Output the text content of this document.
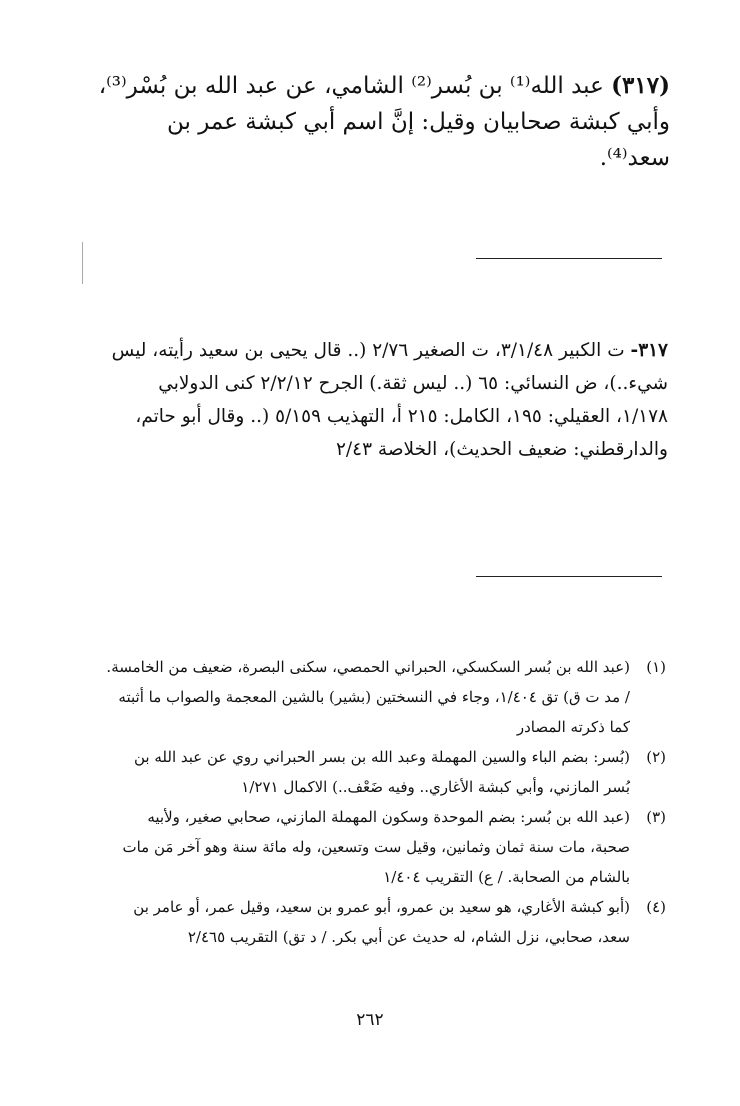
(٣١٧) عبد الله⁽¹⁾ بن بُسر⁽²⁾ الشامي، عن عبد الله بن بُسْر⁽³⁾، وأبي كبشة صحابيان وقيل: إنَّ اسم أبي كبشة عمر بن سعد⁽⁴⁾.
٣١٧- ت الكبير ٣/١/٤٨، ت الصغير ٢/٧٦ (.. قال يحيى بن سعيد رأيته، ليس شيء..)، ض النسائي: ٦٥ (.. ليس ثقة.) الجرح ٢/٢/١٢ كنى الدولابي ١/١٧٨، العقيلي: ١٩٥، الكامل: ٢١٥ أ، التهذيب ٥/١٥٩ (.. وقال أبو حاتم، والدارقطني: ضعيف الحديث)، الخلاصة ٢/٤٣
(١)
(عبد الله بن بُسر السكسكي، الحبراني الحمصي، سكنى البصرة، ضعيف من الخامسة. / مد ت ق) تق ١/٤٠٤، وجاء في النسختين (بشير) بالشين المعجمة والصواب ما أثبته كما ذكرته المصادر
(٢)
(بُسر: بضم الباء والسين المهملة وعبد الله بن بسر الحبراني روي عن عبد الله بن بُسر المازني، وأبي كبشة الأغاري.. وفيه ضَعْف..) الاكمال ١/٢٧١
(٣)
(عبد الله بن بُسر: بضم الموحدة وسكون المهملة المازني، صحابي صغير، ولأبيه صحبة، مات سنة ثمان وثمانين، وقيل ست وتسعين، وله مائة سنة وهو آخر مَن مات بالشام من الصحابة. / ع) التقريب ١/٤٠٤
(٤)
(أبو كبشة الأغاري، هو سعيد بن عمرو، أبو عمرو بن سعيد، وقيل عمر، أو عامر بن سعد، صحابي، نزل الشام، له حديث عن أبي بكر. / د تق) التقريب ٢/٤٦٥
٢٦٢
